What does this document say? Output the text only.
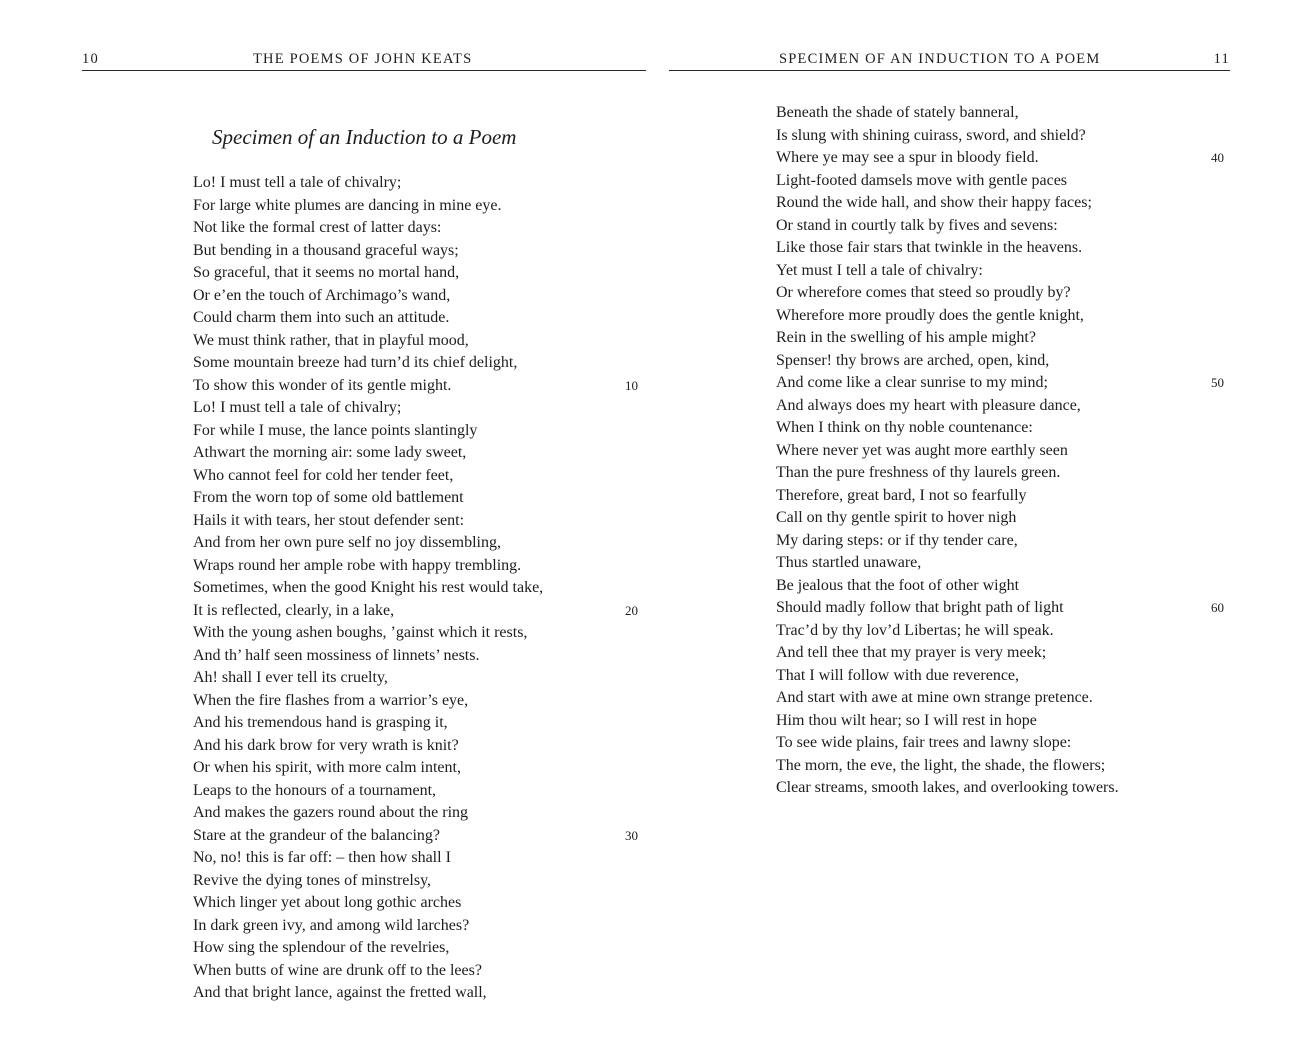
10	THE POEMS OF JOHN KEATS
Specimen of an Induction to a Poem
Lo! I must tell a tale of chivalry;
For large white plumes are dancing in mine eye.
Not like the formal crest of latter days:
But bending in a thousand graceful ways;
So graceful, that it seems no mortal hand,
Or e’en the touch of Archimago’s wand,
Could charm them into such an attitude.
We must think rather, that in playful mood,
Some mountain breeze had turn’d its chief delight,
To show this wonder of its gentle might.
Lo! I must tell a tale of chivalry;
For while I muse, the lance points slantingly
Athwart the morning air: some lady sweet,
Who cannot feel for cold her tender feet,
From the worn top of some old battlement
Hails it with tears, her stout defender sent:
And from her own pure self no joy dissembling,
Wraps round her ample robe with happy trembling.
Sometimes, when the good Knight his rest would take,
It is reflected, clearly, in a lake,
With the young ashen boughs, ’gainst which it rests,
And th’ half seen mossiness of linnets’ nests.
Ah! shall I ever tell its cruelty,
When the fire flashes from a warrior’s eye,
And his tremendous hand is grasping it,
And his dark brow for very wrath is knit?
Or when his spirit, with more calm intent,
Leaps to the honours of a tournament,
And makes the gazers round about the ring
Stare at the grandeur of the balancing?
No, no! this is far off: – then how shall I
Revive the dying tones of minstrelsy,
Which linger yet about long gothic arches
In dark green ivy, and among wild larches?
How sing the splendour of the revelries,
When butts of wine are drunk off to the lees?
And that bright lance, against the fretted wall,
10
20
30
SPECIMEN OF AN INDUCTION TO A POEM	11
Beneath the shade of stately banneral,
Is slung with shining cuirass, sword, and shield?
Where ye may see a spur in bloody field.
Light-footed damsels move with gentle paces
Round the wide hall, and show their happy faces;
Or stand in courtly talk by fives and sevens:
Like those fair stars that twinkle in the heavens.
Yet must I tell a tale of chivalry:
Or wherefore comes that steed so proudly by?
Wherefore more proudly does the gentle knight,
Rein in the swelling of his ample might?
Spenser! thy brows are arched, open, kind,
And come like a clear sunrise to my mind;
And always does my heart with pleasure dance,
When I think on thy noble countenance:
Where never yet was aught more earthly seen
Than the pure freshness of thy laurels green.
Therefore, great bard, I not so fearfully
Call on thy gentle spirit to hover nigh
My daring steps: or if thy tender care,
Thus startled unaware,
Be jealous that the foot of other wight
Should madly follow that bright path of light
Trac’d by thy lov’d Libertas; he will speak.
And tell thee that my prayer is very meek;
That I will follow with due reverence,
And start with awe at mine own strange pretence.
Him thou wilt hear; so I will rest in hope
To see wide plains, fair trees and lawny slope:
The morn, the eve, the light, the shade, the flowers;
Clear streams, smooth lakes, and overlooking towers.
40
50
60
